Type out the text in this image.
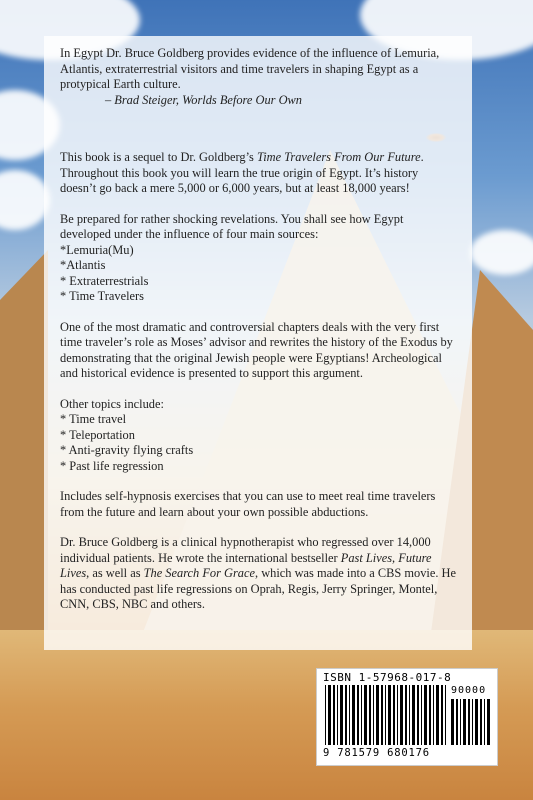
In Egypt Dr. Bruce Goldberg provides evidence of the influence of Lemuria, Atlantis, extraterrestrial visitors and time travelers in shaping Egypt as a protypical Earth culture.

– Brad Steiger, Worlds Before Our Own

This book is a sequel to Dr. Goldberg’s Time Travelers From Our Future. Throughout this book you will learn the true origin of Egypt. It’s history doesn’t go back a mere 5,000 or 6,000 years, but at least 18,000 years!

Be prepared for rather shocking revelations. You shall see how Egypt developed under the influence of four main sources:

*Lemuria(Mu)
*Atlantis
* Extraterrestrials
* Time Travelers

One of the most dramatic and controversial chapters deals with the very first time traveler’s role as Moses’ advisor and rewrites the history of the Exodus by demonstrating that the original Jewish people were Egyptians! Archeological and historical evidence is presented to support this argument.

Other topics include:

* Time travel
* Teleportation
* Anti-gravity flying crafts
* Past life regression

Includes self-hypnosis exercises that you can use to meet real time travelers from the future and learn about your own possible abductions.

Dr. Bruce Goldberg is a clinical hypnotherapist who regressed over 14,000 individual patients. He wrote the international bestseller Past Lives, Future Lives, as well as The Search For Grace, which was made into a CBS movie. He has conducted past life regressions on Oprah, Regis, Jerry Springer, Montel, CNN, CBS, NBC and others.

ISBN 1-57968-017-8
90000
9 781579 680176
